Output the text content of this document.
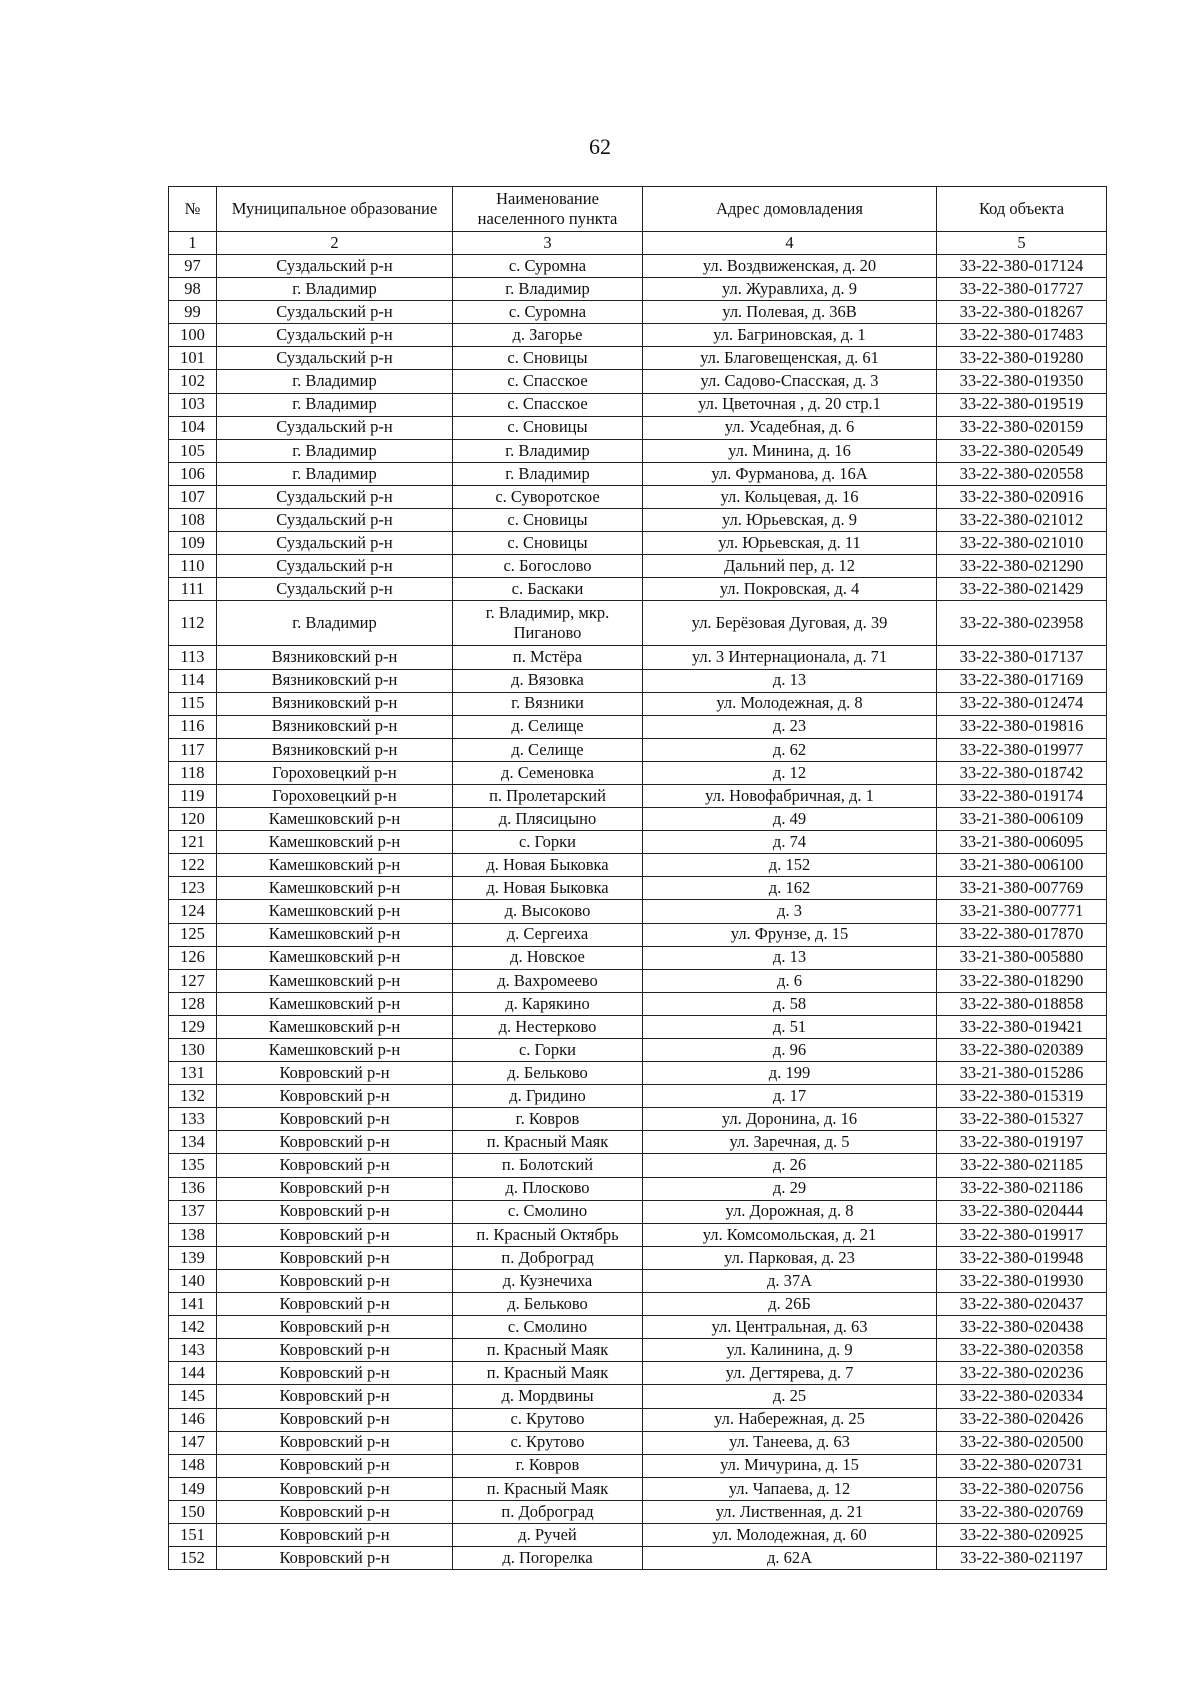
62
№	Муниципальное образование	Наименование населенного пункта	Адрес домовладения	Код объекта
1	2	3	4	5
97	Суздальский р-н	с. Суромна	ул. Воздвиженская, д. 20	33-22-380-017124
98	г. Владимир	г. Владимир	ул. Журавлиха, д. 9	33-22-380-017727
99	Суздальский р-н	с. Суромна	ул. Полевая, д. 36В	33-22-380-018267
100	Суздальский р-н	д. Загорье	ул. Багриновская, д. 1	33-22-380-017483
101	Суздальский р-н	с. Сновицы	ул. Благовещенская, д. 61	33-22-380-019280
102	г. Владимир	с. Спасское	ул. Садово-Спасская, д. 3	33-22-380-019350
103	г. Владимир	с. Спасское	ул. Цветочная , д. 20 стр.1	33-22-380-019519
104	Суздальский р-н	с. Сновицы	ул. Усадебная, д. 6	33-22-380-020159
105	г. Владимир	г. Владимир	ул. Минина, д. 16	33-22-380-020549
106	г. Владимир	г. Владимир	ул. Фурманова, д. 16А	33-22-380-020558
107	Суздальский р-н	с. Суворотское	ул. Кольцевая, д. 16	33-22-380-020916
108	Суздальский р-н	с. Сновицы	ул. Юрьевская, д. 9	33-22-380-021012
109	Суздальский р-н	с. Сновицы	ул. Юрьевская, д. 11	33-22-380-021010
110	Суздальский р-н	с. Богослово	Дальний пер, д. 12	33-22-380-021290
111	Суздальский р-н	с. Баскаки	ул. Покровская, д. 4	33-22-380-021429
112	г. Владимир	г. Владимир, мкр. Пиганово	ул. Берёзовая Дуговая, д. 39	33-22-380-023958
113	Вязниковский р-н	п. Мстёра	ул. 3 Интернационала, д. 71	33-22-380-017137
114	Вязниковский р-н	д. Вязовка	д. 13	33-22-380-017169
115	Вязниковский р-н	г. Вязники	ул. Молодежная, д. 8	33-22-380-012474
116	Вязниковский р-н	д. Селище	д. 23	33-22-380-019816
117	Вязниковский р-н	д. Селище	д. 62	33-22-380-019977
118	Гороховецкий р-н	д. Семеновка	д. 12	33-22-380-018742
119	Гороховецкий р-н	п. Пролетарский	ул. Новофабричная, д. 1	33-22-380-019174
120	Камешковский р-н	д. Плясицыно	д. 49	33-21-380-006109
121	Камешковский р-н	с. Горки	д. 74	33-21-380-006095
122	Камешковский р-н	д. Новая Быковка	д. 152	33-21-380-006100
123	Камешковский р-н	д. Новая Быковка	д. 162	33-21-380-007769
124	Камешковский р-н	д. Высоково	д. 3	33-21-380-007771
125	Камешковский р-н	д. Сергеиха	ул. Фрунзе, д. 15	33-22-380-017870
126	Камешковский р-н	д. Новское	д. 13	33-21-380-005880
127	Камешковский р-н	д. Вахромеево	д. 6	33-22-380-018290
128	Камешковский р-н	д. Карякино	д. 58	33-22-380-018858
129	Камешковский р-н	д. Нестерково	д. 51	33-22-380-019421
130	Камешковский р-н	с. Горки	д. 96	33-22-380-020389
131	Ковровский р-н	д. Бельково	д. 199	33-21-380-015286
132	Ковровский р-н	д. Гридино	д. 17	33-22-380-015319
133	Ковровский р-н	г. Ковров	ул. Доронина, д. 16	33-22-380-015327
134	Ковровский р-н	п. Красный Маяк	ул. Заречная, д. 5	33-22-380-019197
135	Ковровский р-н	п. Болотский	д. 26	33-22-380-021185
136	Ковровский р-н	д. Плосково	д. 29	33-22-380-021186
137	Ковровский р-н	с. Смолино	ул. Дорожная, д. 8	33-22-380-020444
138	Ковровский р-н	п. Красный Октябрь	ул. Комсомольская, д. 21	33-22-380-019917
139	Ковровский р-н	п. Доброград	ул. Парковая, д. 23	33-22-380-019948
140	Ковровский р-н	д. Кузнечиха	д. 37А	33-22-380-019930
141	Ковровский р-н	д. Бельково	д. 26Б	33-22-380-020437
142	Ковровский р-н	с. Смолино	ул. Центральная, д. 63	33-22-380-020438
143	Ковровский р-н	п. Красный Маяк	ул. Калинина, д. 9	33-22-380-020358
144	Ковровский р-н	п. Красный Маяк	ул. Дегтярева, д. 7	33-22-380-020236
145	Ковровский р-н	д. Мордвины	д. 25	33-22-380-020334
146	Ковровский р-н	с. Крутово	ул. Набережная, д. 25	33-22-380-020426
147	Ковровский р-н	с. Крутово	ул. Танеева, д. 63	33-22-380-020500
148	Ковровский р-н	г. Ковров	ул. Мичурина, д. 15	33-22-380-020731
149	Ковровский р-н	п. Красный Маяк	ул. Чапаева, д. 12	33-22-380-020756
150	Ковровский р-н	п. Доброград	ул. Лиственная, д. 21	33-22-380-020769
151	Ковровский р-н	д. Ручей	ул. Молодежная, д. 60	33-22-380-020925
152	Ковровский р-н	д. Погорелка	д. 62А	33-22-380-021197
